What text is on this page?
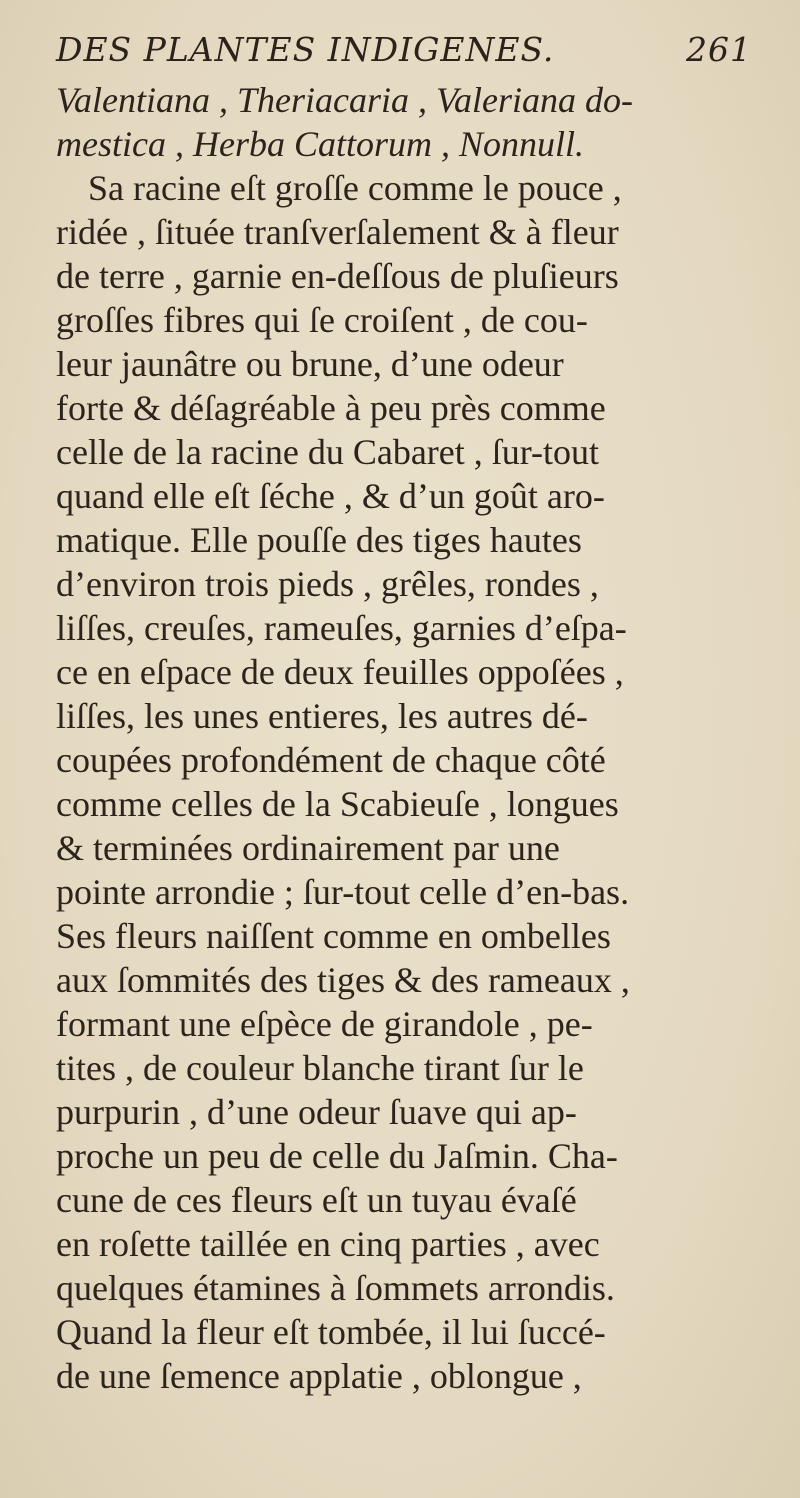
DES PLANTES INDIGENES.	261
Valentiana , Theriacaria , Valeriana do-
mestica , Herba Cattorum , Nonnull.
Sa racine eſt groſſe comme le pouce ,
ridée , ſituée tranſverſalement & à fleur
de terre , garnie en-deſſous de pluſieurs
groſſes fibres qui ſe croiſent , de cou-
leur jaunâtre ou brune, d’une odeur
forte & déſagréable à peu près comme
celle de la racine du Cabaret , ſur-tout
quand elle eſt ſéche , & d’un goût aro-
matique. Elle pouſſe des tiges hautes
d’environ trois pieds , grêles, rondes ,
liſſes, creuſes, rameuſes, garnies d’eſpa-
ce en eſpace de deux feuilles oppoſées ,
liſſes, les unes entieres, les autres dé-
coupées profondément de chaque côté
comme celles de la Scabieuſe , longues
& terminées ordinairement par une
pointe arrondie ; ſur-tout celle d’en-bas.
Ses fleurs naiſſent comme en ombelles
aux ſommités des tiges & des rameaux ,
formant une eſpèce de girandole , pe-
tites , de couleur blanche tirant ſur le
purpurin , d’une odeur ſuave qui ap-
proche un peu de celle du Jaſmin. Cha-
cune de ces fleurs eſt un tuyau évaſé
en roſette taillée en cinq parties , avec
quelques étamines à ſommets arrondis.
Quand la fleur eſt tombée, il lui ſuccé-
de une ſemence applatie , oblongue ,
